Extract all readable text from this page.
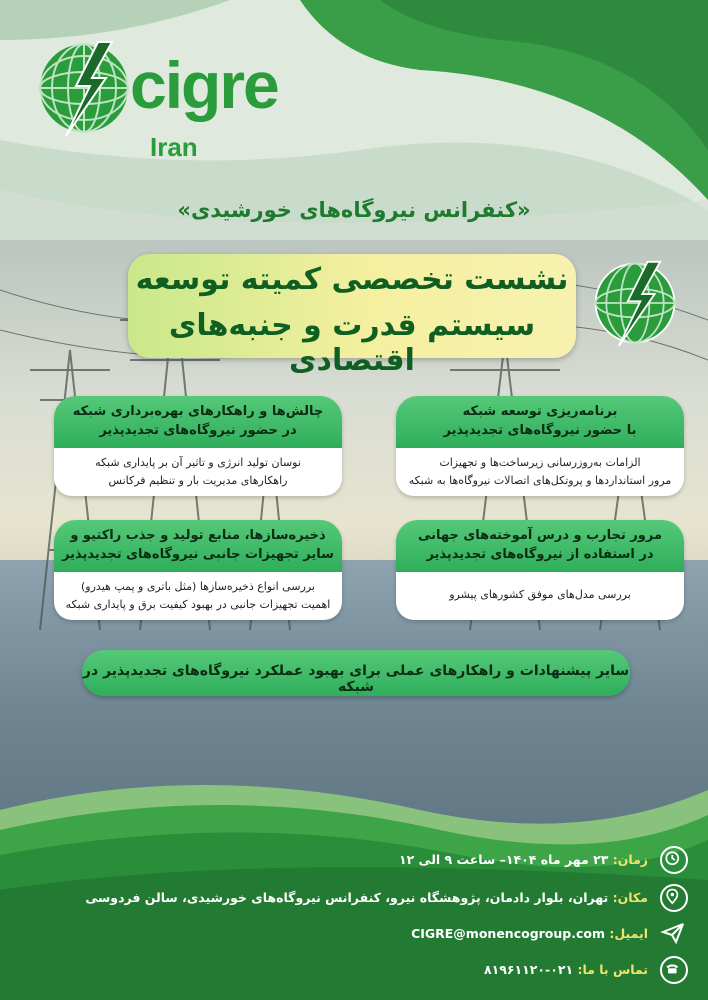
cigre
Iran
«کنفرانس نیروگاه‌های خورشیدی»
نشست تخصصی کمیته توسعه
سیستم قدرت و جنبه‌های اقتصادی
برنامه‌ریزی توسعه شبکه
با حضور نیروگاه‌های تجدیدپذیر
الزامات به‌روزرسانی زیرساخت‌ها و تجهیزات
مرور استانداردها و پروتکل‌های اتصالات نیروگاه‌ها به شبکه
چالش‌ها و راهکارهای بهره‌برداری شبکه
در حضور نیروگاه‌های تجدیدپذیر
نوسان تولید انرژی و تاثیر آن بر پایداری شبکه
راهکارهای مدیریت بار و تنظیم فرکانس
مرور تجارب و درس آموخته‌های جهانی
در استفاده از نیروگاه‌های تجدیدپذیر
بررسی مدل‌های موفق کشورهای پیشرو
ذخیره‌سازها، منابع تولید و جذب راکتیو و
سایر تجهیزات جانبی نیروگاه‌های تجدیدپذیر
بررسی انواع ذخیره‌سازها (مثل باتری و پمپ هیدرو)
اهمیت تجهیزات جانبی در بهبود کیفیت برق و پایداری شبکه
سایر پیشنهادات و راهکارهای عملی برای بهبود عملکرد نیروگاه‌های تجدیدپذیر در شبکه
زمان: ۲۳ مهر ماه ۱۴۰۴– ساعت ۹ الی ۱۲
مکان: تهران، بلوار دادمان، پژوهشگاه نیرو، کنفرانس نیروگاه‌های خورشیدی، سالن فردوسی
ایمیل: CIGRE@monencogroup.com
تماس با ما: ۰۲۱-۸۱۹۶۱۱۲۰
